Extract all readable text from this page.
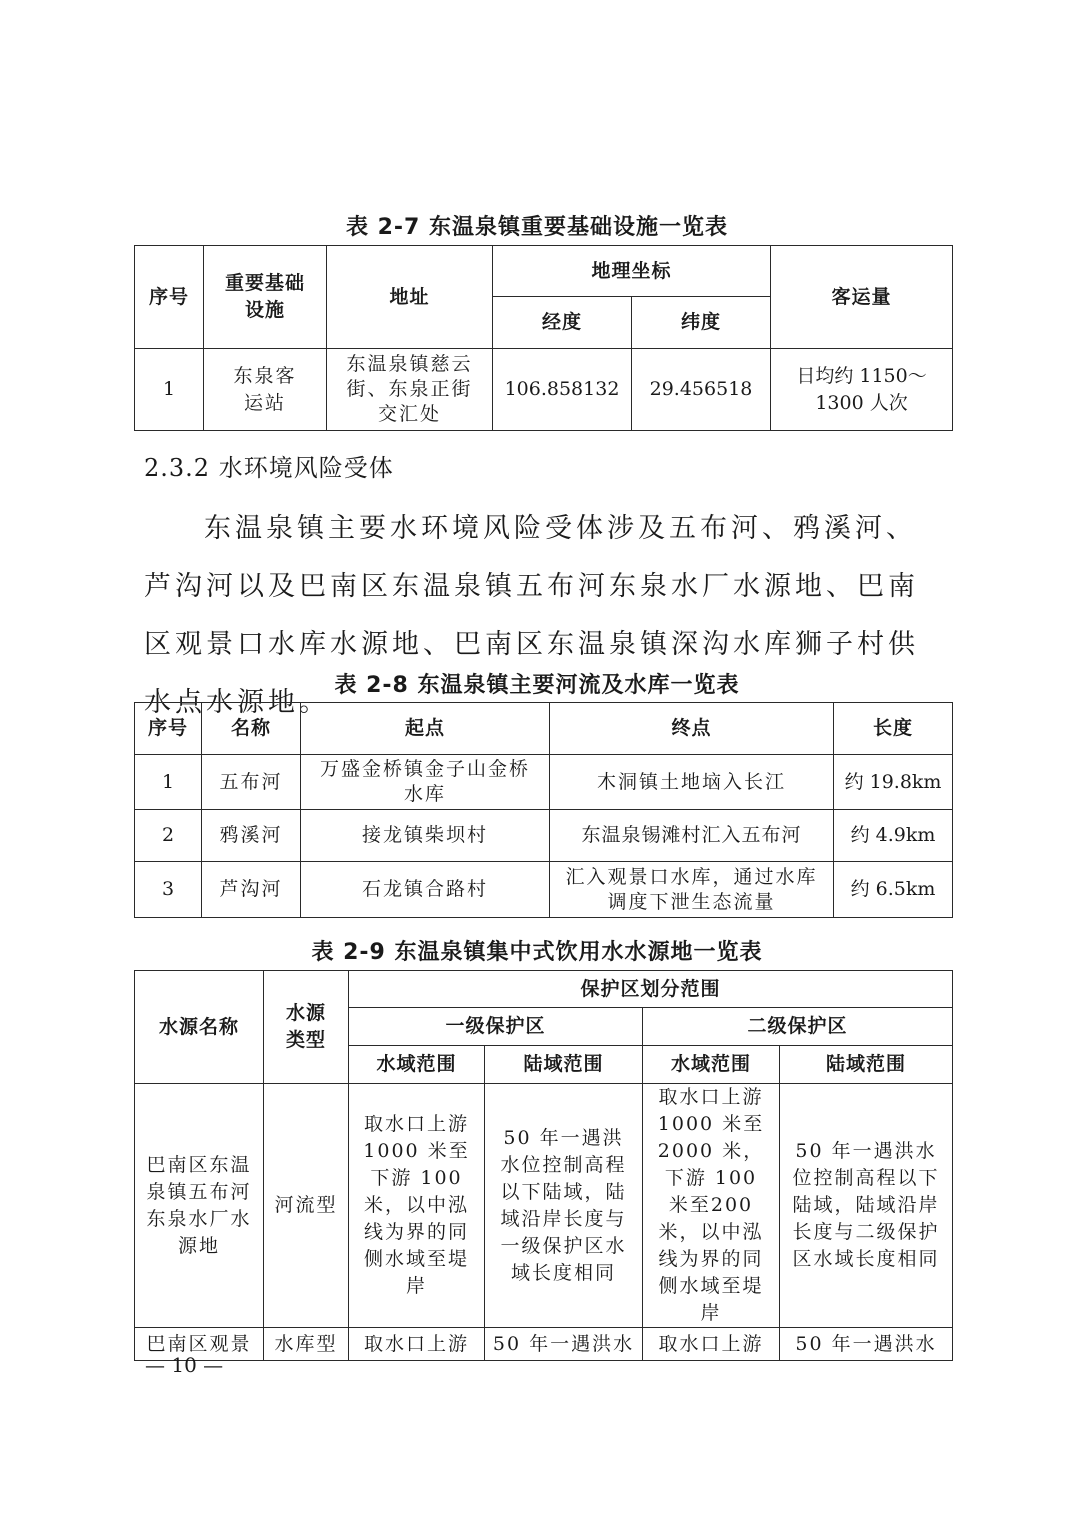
表 2-7 东温泉镇重要基础设施一览表
序号	重要基础设施	地址	地理坐标		客运量
			经度	纬度	
1	东泉客运站	东温泉镇慈云街、东泉正街交汇处	106.858132	29.456518	日均约 1150～1300 人次
2.3.2 水环境风险受体
东温泉镇主要水环境风险受体涉及五布河、鸦溪河、芦沟河以及巴南区东温泉镇五布河东泉水厂水源地、巴南区观景口水库水源地、巴南区东温泉镇深沟水库狮子村供水点水源地。
表 2-8 东温泉镇主要河流及水库一览表
序号	名称	起点	终点	长度
1	五布河	万盛金桥镇金子山金桥水库	木洞镇土地垴入长江	约 19.8km
2	鸦溪河	接龙镇柴坝村	东温泉锡滩村汇入五布河	约 4.9km
3	芦沟河	石龙镇合路村	汇入观景口水库，通过水库调度下泄生态流量	约 6.5km
表 2-9 东温泉镇集中式饮用水水源地一览表
水源名称	水源类型	保护区划分范围			
		一级保护区		二级保护区	
		水域范围	陆域范围	水域范围	陆域范围
巴南区东温泉镇五布河东泉水厂水源地	河流型	取水口上游1000 米至下游 100 米，以中泓线为界的同侧水域至堤岸	50 年一遇洪水位控制高程以下陆域，陆域沿岸长度与一级保护区水域长度相同	取水口上游1000 米至2000 米，下游 100 米至200 米，以中泓线为界的同侧水域至堤岸	50 年一遇洪水位控制高程以下陆域，陆域沿岸长度与二级保护区水域长度相同
巴南区观景	水库型	取水口上游	50 年一遇洪水	取水口上游	50 年一遇洪水
— 10 —
